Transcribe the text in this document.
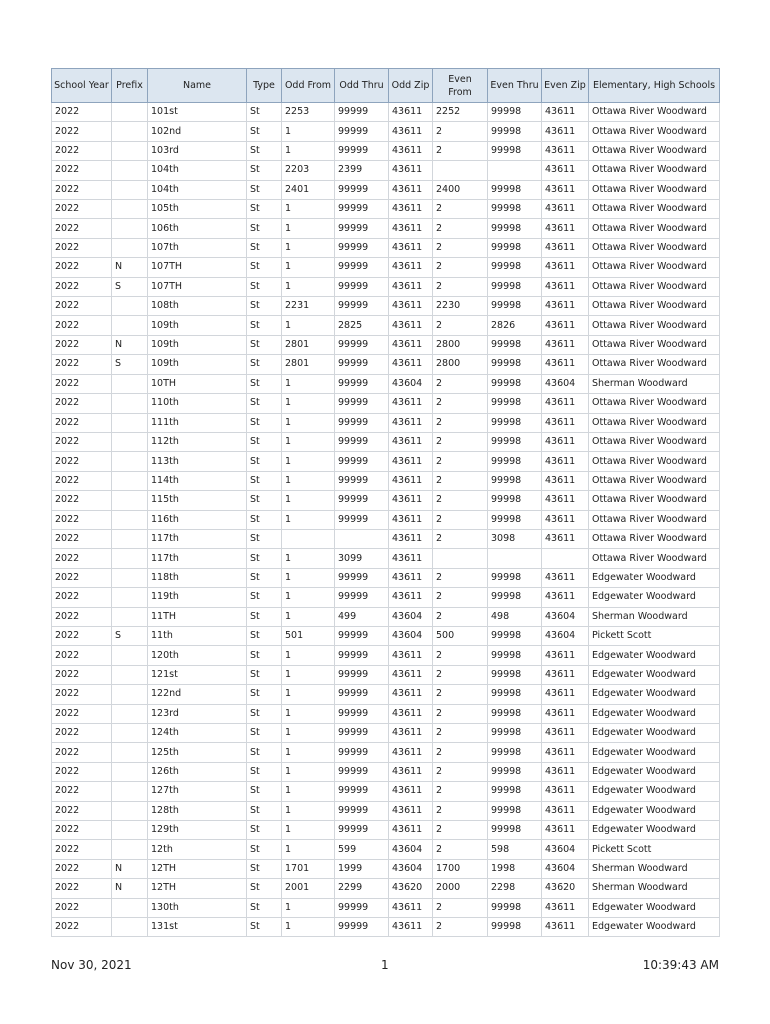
School Year	Prefix	Name	Type	Odd From	Odd Thru	Odd Zip	Even From	Even Thru	Even Zip	Elementary, High Schools
2022		101st	St	2253	99999	43611	2252	99998	43611	Ottawa River Woodward
2022		102nd	St	1	99999	43611	2	99998	43611	Ottawa River Woodward
2022		103rd	St	1	99999	43611	2	99998	43611	Ottawa River Woodward
2022		104th	St	2203	2399	43611			43611	Ottawa River Woodward
2022		104th	St	2401	99999	43611	2400	99998	43611	Ottawa River Woodward
2022		105th	St	1	99999	43611	2	99998	43611	Ottawa River Woodward
2022		106th	St	1	99999	43611	2	99998	43611	Ottawa River Woodward
2022		107th	St	1	99999	43611	2	99998	43611	Ottawa River Woodward
2022	N	107TH	St	1	99999	43611	2	99998	43611	Ottawa River Woodward
2022	S	107TH	St	1	99999	43611	2	99998	43611	Ottawa River Woodward
2022		108th	St	2231	99999	43611	2230	99998	43611	Ottawa River Woodward
2022		109th	St	1	2825	43611	2	2826	43611	Ottawa River Woodward
2022	N	109th	St	2801	99999	43611	2800	99998	43611	Ottawa River Woodward
2022	S	109th	St	2801	99999	43611	2800	99998	43611	Ottawa River Woodward
2022		10TH	St	1	99999	43604	2	99998	43604	Sherman Woodward
2022		110th	St	1	99999	43611	2	99998	43611	Ottawa River Woodward
2022		111th	St	1	99999	43611	2	99998	43611	Ottawa River Woodward
2022		112th	St	1	99999	43611	2	99998	43611	Ottawa River Woodward
2022		113th	St	1	99999	43611	2	99998	43611	Ottawa River Woodward
2022		114th	St	1	99999	43611	2	99998	43611	Ottawa River Woodward
2022		115th	St	1	99999	43611	2	99998	43611	Ottawa River Woodward
2022		116th	St	1	99999	43611	2	99998	43611	Ottawa River Woodward
2022		117th	St			43611	2	3098	43611	Ottawa River Woodward
2022		117th	St	1	3099	43611				Ottawa River Woodward
2022		118th	St	1	99999	43611	2	99998	43611	Edgewater Woodward
2022		119th	St	1	99999	43611	2	99998	43611	Edgewater Woodward
2022		11TH	St	1	499	43604	2	498	43604	Sherman Woodward
2022	S	11th	St	501	99999	43604	500	99998	43604	Pickett Scott
2022		120th	St	1	99999	43611	2	99998	43611	Edgewater Woodward
2022		121st	St	1	99999	43611	2	99998	43611	Edgewater Woodward
2022		122nd	St	1	99999	43611	2	99998	43611	Edgewater Woodward
2022		123rd	St	1	99999	43611	2	99998	43611	Edgewater Woodward
2022		124th	St	1	99999	43611	2	99998	43611	Edgewater Woodward
2022		125th	St	1	99999	43611	2	99998	43611	Edgewater Woodward
2022		126th	St	1	99999	43611	2	99998	43611	Edgewater Woodward
2022		127th	St	1	99999	43611	2	99998	43611	Edgewater Woodward
2022		128th	St	1	99999	43611	2	99998	43611	Edgewater Woodward
2022		129th	St	1	99999	43611	2	99998	43611	Edgewater Woodward
2022		12th	St	1	599	43604	2	598	43604	Pickett Scott
2022	N	12TH	St	1701	1999	43604	1700	1998	43604	Sherman Woodward
2022	N	12TH	St	2001	2299	43620	2000	2298	43620	Sherman Woodward
2022		130th	St	1	99999	43611	2	99998	43611	Edgewater Woodward
2022		131st	St	1	99999	43611	2	99998	43611	Edgewater Woodward
Nov 30, 2021	1	10:39:43 AM
